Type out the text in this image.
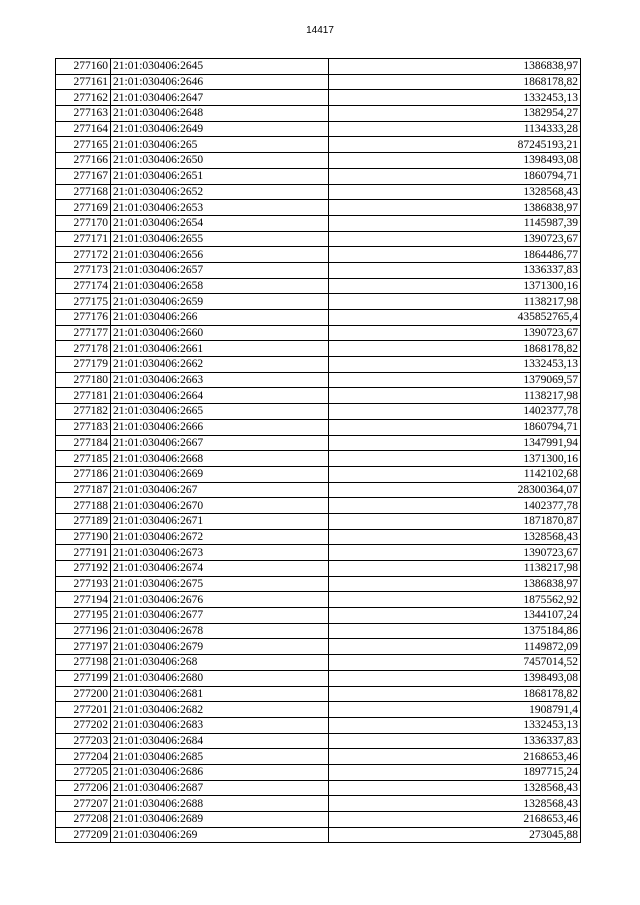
14417
277160	21:01:030406:2645	1386838,97
277161	21:01:030406:2646	1868178,82
277162	21:01:030406:2647	1332453,13
277163	21:01:030406:2648	1382954,27
277164	21:01:030406:2649	1134333,28
277165	21:01:030406:265	87245193,21
277166	21:01:030406:2650	1398493,08
277167	21:01:030406:2651	1860794,71
277168	21:01:030406:2652	1328568,43
277169	21:01:030406:2653	1386838,97
277170	21:01:030406:2654	1145987,39
277171	21:01:030406:2655	1390723,67
277172	21:01:030406:2656	1864486,77
277173	21:01:030406:2657	1336337,83
277174	21:01:030406:2658	1371300,16
277175	21:01:030406:2659	1138217,98
277176	21:01:030406:266	435852765,4
277177	21:01:030406:2660	1390723,67
277178	21:01:030406:2661	1868178,82
277179	21:01:030406:2662	1332453,13
277180	21:01:030406:2663	1379069,57
277181	21:01:030406:2664	1138217,98
277182	21:01:030406:2665	1402377,78
277183	21:01:030406:2666	1860794,71
277184	21:01:030406:2667	1347991,94
277185	21:01:030406:2668	1371300,16
277186	21:01:030406:2669	1142102,68
277187	21:01:030406:267	28300364,07
277188	21:01:030406:2670	1402377,78
277189	21:01:030406:2671	1871870,87
277190	21:01:030406:2672	1328568,43
277191	21:01:030406:2673	1390723,67
277192	21:01:030406:2674	1138217,98
277193	21:01:030406:2675	1386838,97
277194	21:01:030406:2676	1875562,92
277195	21:01:030406:2677	1344107,24
277196	21:01:030406:2678	1375184,86
277197	21:01:030406:2679	1149872,09
277198	21:01:030406:268	7457014,52
277199	21:01:030406:2680	1398493,08
277200	21:01:030406:2681	1868178,82
277201	21:01:030406:2682	1908791,4
277202	21:01:030406:2683	1332453,13
277203	21:01:030406:2684	1336337,83
277204	21:01:030406:2685	2168653,46
277205	21:01:030406:2686	1897715,24
277206	21:01:030406:2687	1328568,43
277207	21:01:030406:2688	1328568,43
277208	21:01:030406:2689	2168653,46
277209	21:01:030406:269	273045,88
